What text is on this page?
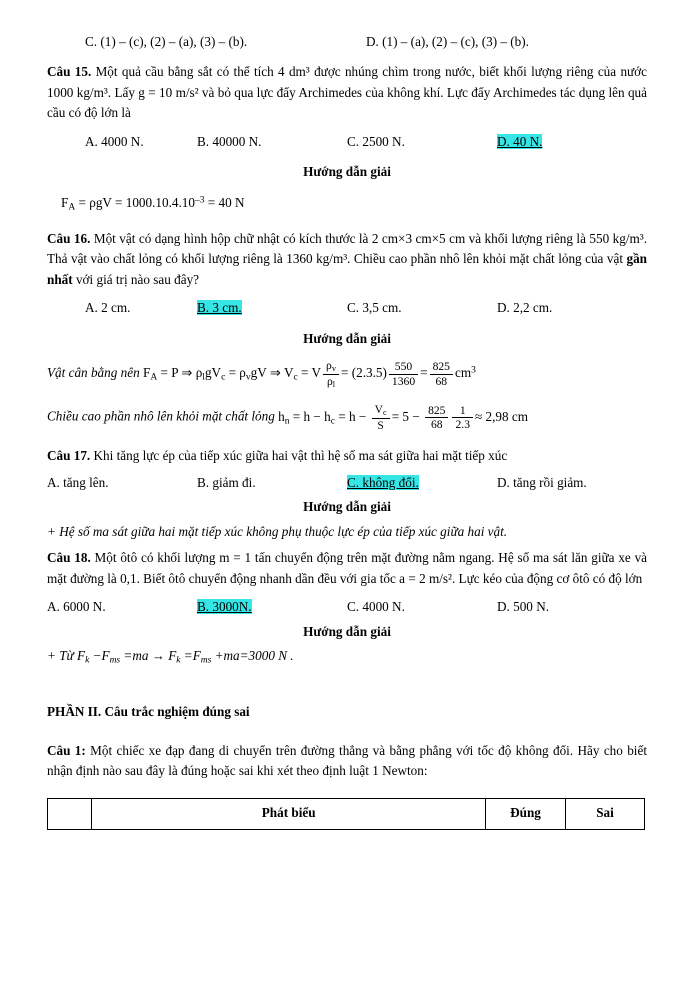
C. (1) – (c), (2) – (a), (3) – (b).	D. (1) – (a), (2) – (c), (3) – (b).

Câu 15. Một quả cầu bằng sắt có thể tích 4 dm³ được nhúng chìm trong nước, biết khối lượng riêng của nước 1000 kg/m³. Lấy g = 10 m/s² và bỏ qua lực đẩy Archimedes của không khí. Lực đẩy Archimedes tác dụng lên quả cầu có độ lớn là

A. 4000 N.	B. 40000 N.	C. 2500 N.	D. 40 N.
Hướng dẫn giải
$F_A = \rho gV = 1000.10.4.10^{-3} = 40$ N

Câu 16. Một vật có dạng hình hộp chữ nhật có kích thước là 2 cm×3 cm×5 cm và khối lượng riêng là 550 kg/m³. Thả vật vào chất lỏng có khối lượng riêng là 1360 kg/m³. Chiều cao phần nhô lên khỏi mặt chất lỏng của vật gần nhất với giá trị nào sau đây?

A. 2 cm.	B. 3 cm.	C. 3,5 cm.	D. 2,2 cm.
Hướng dẫn giải
Vật cân bằng nên $F_A = P$ ⇒ $\rho_lgV_c = \rho_vgV$ ⇒ $V_c = V \frac{\rho_v}{\rho_l} = (2.3.5) \frac{550}{1360} = \frac{825}{68} cm^3$
Chiều cao phần nhô lên khỏi mặt chất lỏng $h_n = h - h_c = h - \frac{V_c}{S} = 5 - \frac{825}{68} \frac{1}{2.3} \approx 2,98$ cm

Câu 17. Khi tăng lực ép của tiếp xúc giữa hai vật thì hệ số ma sát giữa hai mặt tiếp xúc

A. tăng lên.	B. giảm đi.	C. không đổi.	D. tăng rồi giảm.
Hướng dẫn giải
+ Hệ số ma sát giữa hai mặt tiếp xúc không phụ thuộc lực ép của tiếp xúc giữa hai vật.

Câu 18. Một ôtô có khối lượng m = 1 tấn chuyển động trên mặt đường nằm ngang. Hệ số ma sát lăn giữa xe và mặt đường là 0,1. Biết ôtô chuyển động nhanh dần đều với gia tốc a = 2 m/s². Lực kéo của động cơ ôtô có độ lớn

A. 6000 N.	B. 3000N.	C. 4000 N.	D. 500 N.
Hướng dẫn giải
+ Từ $F_k -F_{ms} =ma \to F_k =F_{ms} +ma=3000$ N .
PHẦN II. Câu trắc nghiệm đúng sai

Câu 1: Một chiếc xe đạp đang di chuyển trên đường thẳng và bằng phẳng với tốc độ không đổi. Hãy cho biết nhận định nào sau đây là đúng hoặc sai khi xét theo định luật 1 Newton:

	Phát biểu	Đúng	Sai
